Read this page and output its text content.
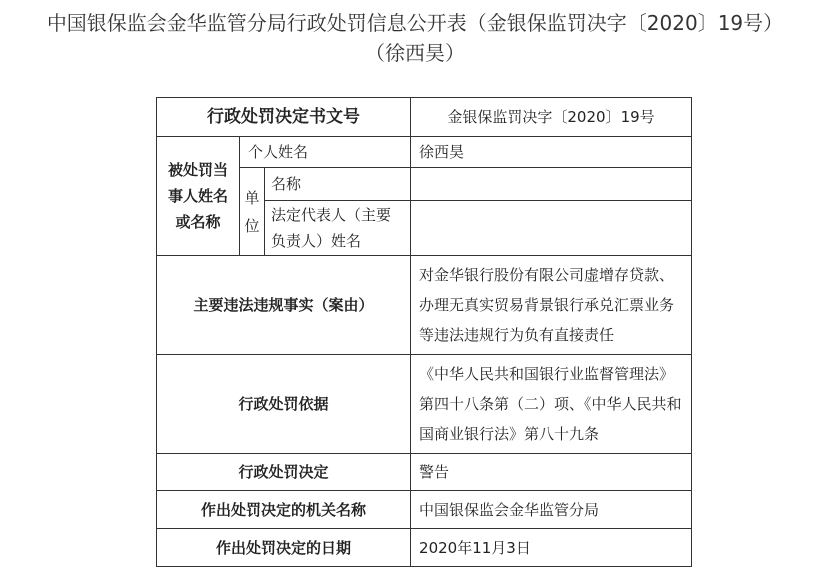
中国银保监会金华监管分局行政处罚信息公开表（金银保监罚决字〔2020〕19号）
（徐西昊）
行政处罚决定书文号			金银保监罚决字〔2020〕19号
被处罚当事人姓名或名称	个人姓名		徐西昊
	单位	名称	
		法定代表人（主要负责人）姓名	
主要违法违规事实（案由）			对金华银行股份有限公司虚增存贷款、办理无真实贸易背景银行承兑汇票业务等违法违规行为负有直接责任
行政处罚依据			《中华人民共和国银行业监督管理法》第四十八条第（二）项、《中华人民共和国商业银行法》第八十九条
行政处罚决定			警告
作出处罚决定的机关名称			中国银保监会金华监管分局
作出处罚决定的日期			2020年11月3日
